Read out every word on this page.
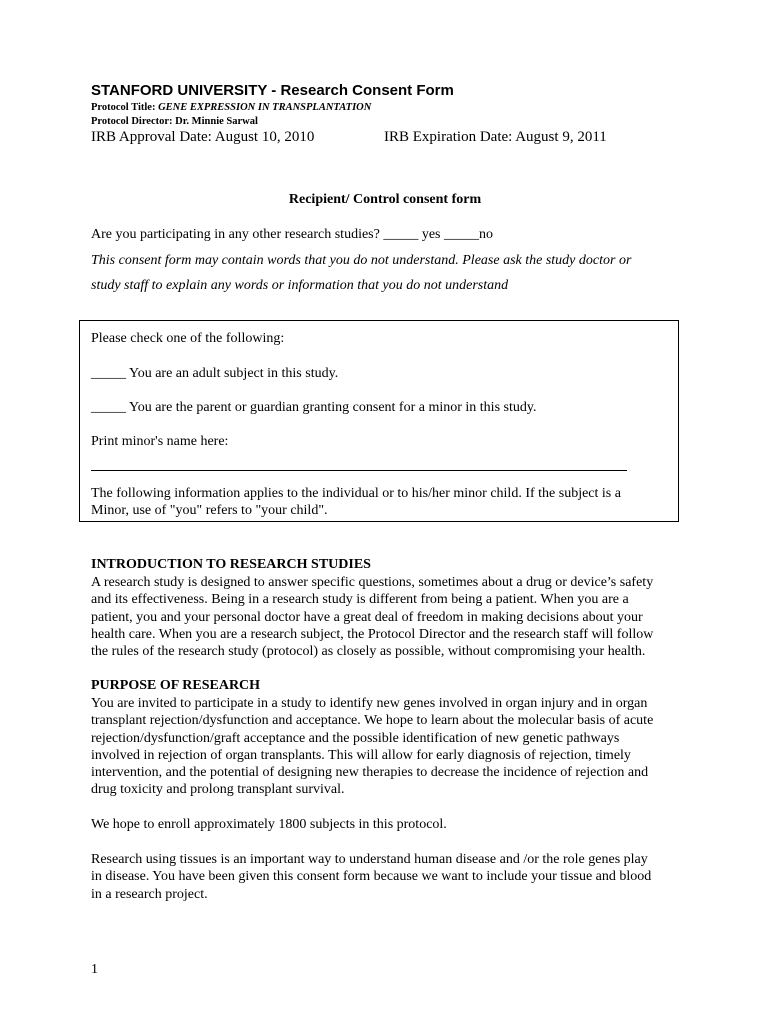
STANFORD UNIVERSITY - Research Consent Form
Protocol Title: GENE EXPRESSION IN TRANSPLANTATION
Protocol Director: Dr. Minnie Sarwal
IRB Approval Date: August 10, 2010	IRB Expiration Date: August 9, 2011
Recipient/ Control consent form
Are you participating in any other research studies? _____ yes _____no
This consent form may contain words that you do not understand. Please ask the study doctor or
study staff to explain any words or information that you do not understand
Please check one of the following:
_____ You are an adult subject in this study.
_____ You are the parent or guardian granting consent for a minor in this study.
Print minor's name here:
The following information applies to the individual or to his/her minor child. If the subject is a
Minor, use of "you" refers to "your child".
INTRODUCTION TO RESEARCH STUDIES
A research study is designed to answer specific questions, sometimes about a drug or device’s safety
and its effectiveness. Being in a research study is different from being a patient. When you are a
patient, you and your personal doctor have a great deal of freedom in making decisions about your
health care. When you are a research subject, the Protocol Director and the research staff will follow
the rules of the research study (protocol) as closely as possible, without compromising your health.
PURPOSE OF RESEARCH
You are invited to participate in a study to identify new genes involved in organ injury and in organ
transplant rejection/dysfunction and acceptance. We hope to learn about the molecular basis of acute
rejection/dysfunction/graft acceptance and the possible identification of new genetic pathways
involved in rejection of organ transplants. This will allow for early diagnosis of rejection, timely
intervention, and the potential of designing new therapies to decrease the incidence of rejection and
drug toxicity and prolong transplant survival.
We hope to enroll approximately 1800 subjects in this protocol.
Research using tissues is an important way to understand human disease and /or the role genes play
in disease. You have been given this consent form because we want to include your tissue and blood
in a research project.
1
